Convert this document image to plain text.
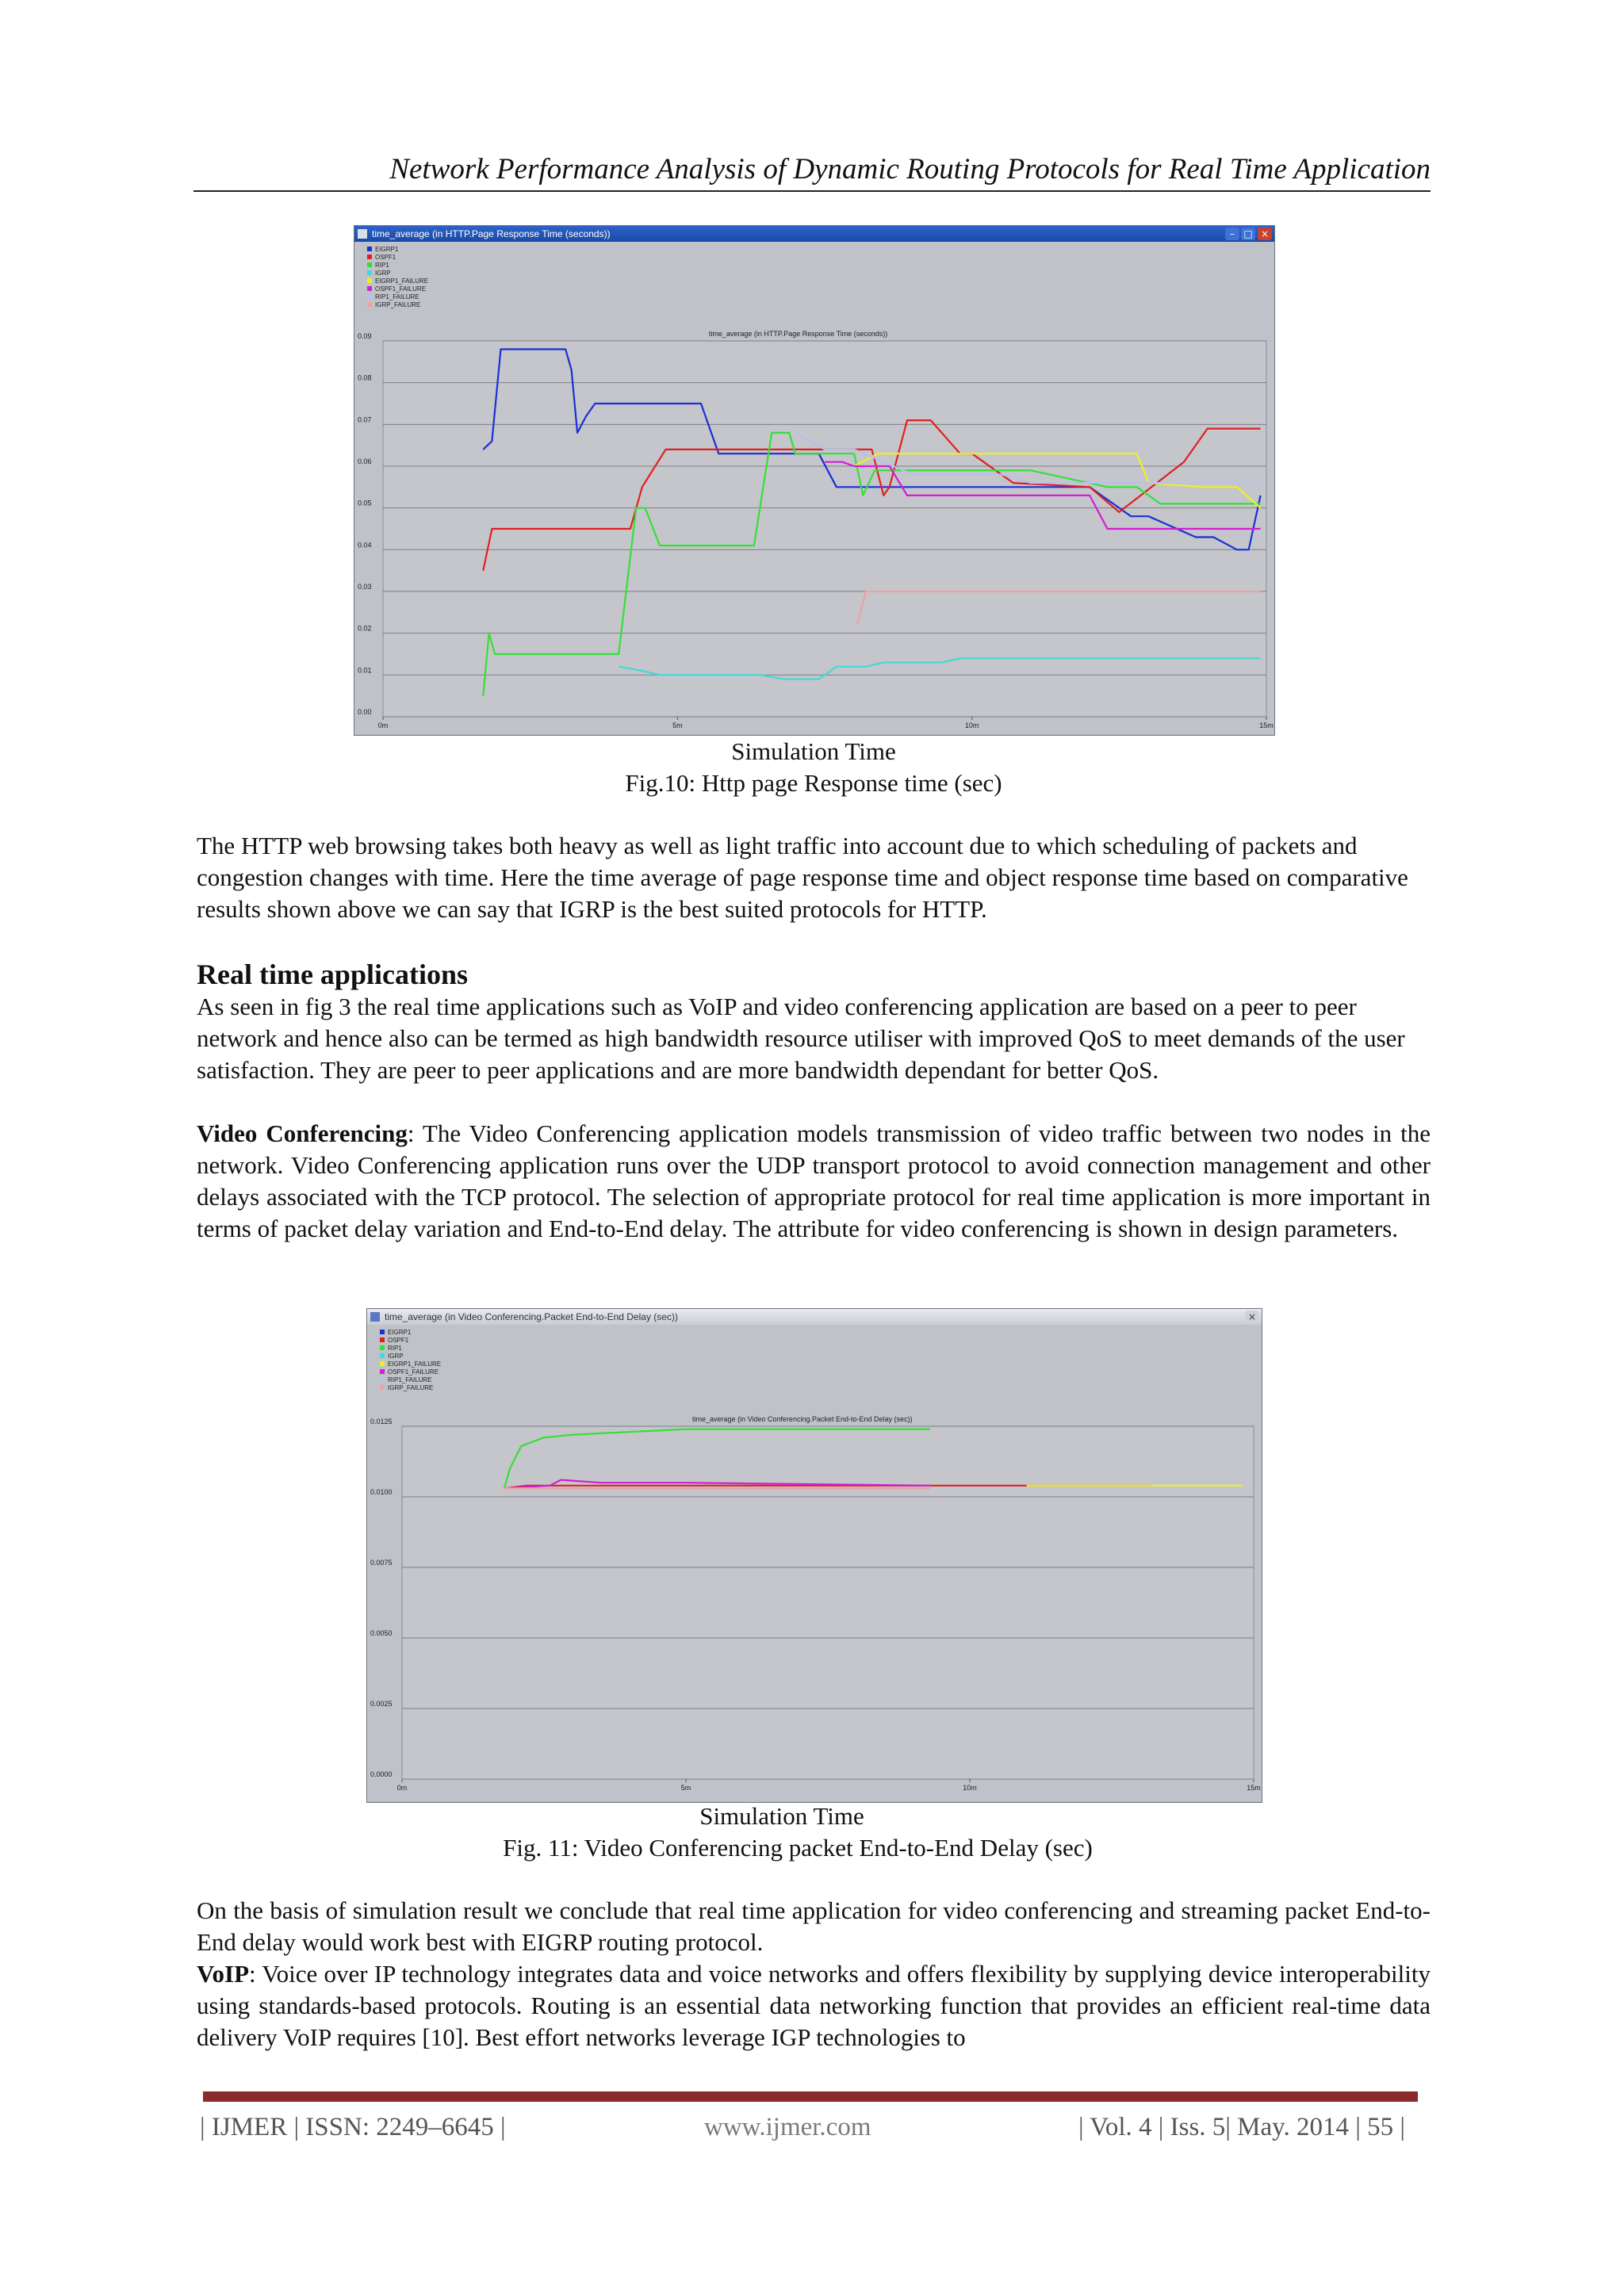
Network Performance Analysis of Dynamic Routing Protocols for Real Time Application
time_average (in HTTP.Page Response Time (seconds))	– □ ×
time_average (in HTTP.Page Response Time (seconds))
0.00
0.01
0.02
0.03
0.04
0.05
0.06
0.07
0.08
0.09
0m	5m	10m	15m
EIGRP1
OSPF1
RIP1
IGRP
EIGRP1_FAILURE
OSPF1_FAILURE
RIP1_FAILURE
IGRP_FAILURE
Simulation Time
Fig.10: Http page Response time (sec)

The HTTP web browsing takes both heavy as well as light traffic into account due to which scheduling of packets and congestion changes with time. Here the time average of page response time and object response time based on comparative results shown above we can say that IGRP is the best suited protocols for HTTP.

Real time applications

As seen in fig 3 the real time applications such as VoIP and video conferencing application are based on a peer to peer network and hence also can be termed as high bandwidth resource utiliser with improved QoS to meet demands of the user satisfaction. They are peer to peer applications and are more bandwidth dependant for better QoS.

Video Conferencing: The Video Conferencing application models transmission of video traffic between two nodes in the network. Video Conferencing application runs over the UDP transport protocol to avoid connection management and other delays associated with the TCP protocol. The selection of appropriate protocol for real time application is more important in terms of packet delay variation and End-to-End delay. The attribute for video conferencing is shown in design parameters.

time_average (in Video Conferencing.Packet End-to-End Delay (sec))	×
time_average (in Video Conferencing.Packet End-to-End Delay (sec))
0.0000
0.0025
0.0050
0.0075
0.0100
0.0125
0m	5m	10m	15m
EIGRP1
OSPF1
RIP1
IGRP
EIGRP1_FAILURE
OSPF1_FAILURE
RIP1_FAILURE
IGRP_FAILURE
Simulation Time
Fig. 11: Video Conferencing packet End-to-End Delay (sec)

On the basis of simulation result we conclude that real time application for video conferencing and streaming packet End-to-End delay would work best with EIGRP routing protocol.

VoIP: Voice over IP technology integrates data and voice networks and offers flexibility by supplying device interoperability using standards-based protocols. Routing is an essential data networking function that provides an efficient real-time data delivery VoIP requires [10]. Best effort networks leverage IGP technologies to

| IJMER | ISSN: 2249–6645 |	www.ijmer.com	| Vol. 4 | Iss. 5| May. 2014 | 55 |
